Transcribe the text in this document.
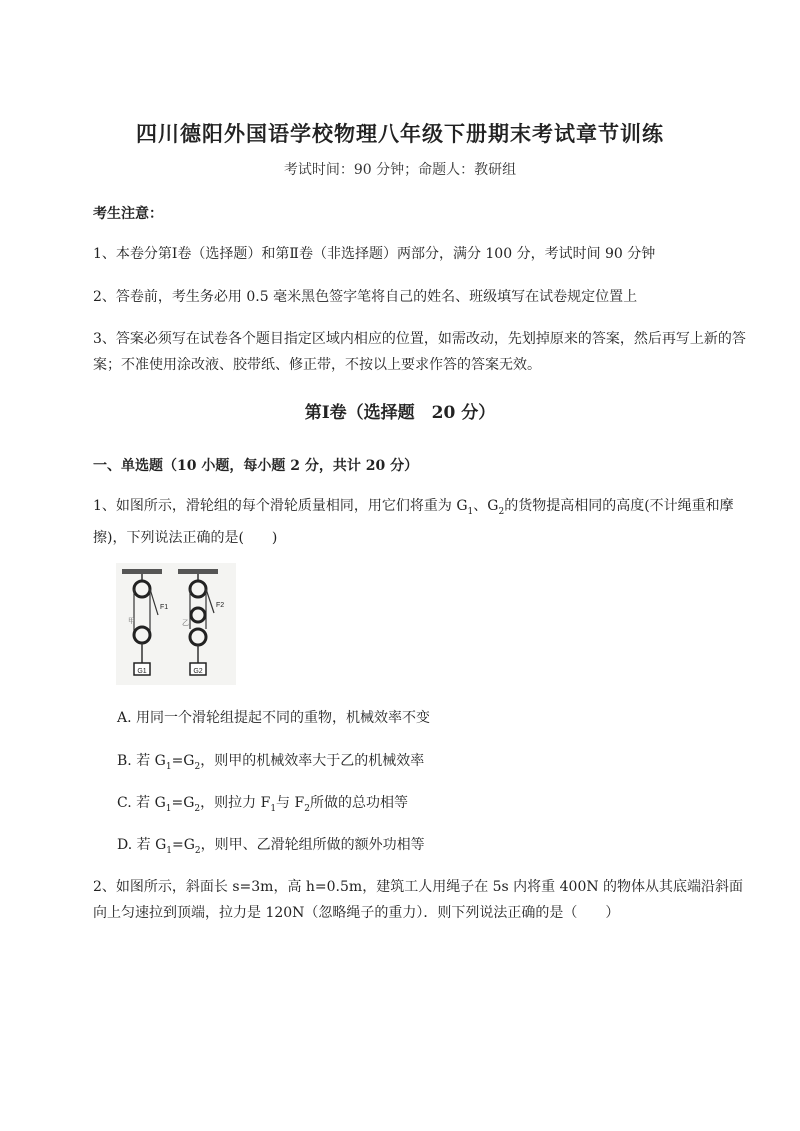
四川德阳外国语学校物理八年级下册期末考试章节训练
考试时间：90 分钟；命题人：教研组
考生注意：
1、本卷分第Ⅰ卷（选择题）和第Ⅱ卷（非选择题）两部分，满分 100 分，考试时间 90 分钟
2、答卷前，考生务必用 0.5 毫米黑色签字笔将自己的姓名、班级填写在试卷规定位置上
3、答案必须写在试卷各个题目指定区域内相应的位置，如需改动，先划掉原来的答案，然后再写上新的答案；不准使用涂改液、胶带纸、修正带，不按以上要求作答的答案无效。
第Ⅰ卷（选择题　20 分）
一、单选题（10 小题，每小题 2 分，共计 20 分）
1、如图所示，滑轮组的每个滑轮质量相同，用它们将重为 $G_1$、$G_2$的货物提高相同的高度(不计绳重和摩擦)，下列说法正确的是(　　)
G1
F1
甲
G2
F2
乙
A. 用同一个滑轮组提起不同的重物，机械效率不变
B. 若 $G_1=G_2$，则甲的机械效率大于乙的机械效率
C. 若 $G_1=G_2$，则拉力 $F_1$与 $F_2$所做的总功相等
D. 若 $G_1=G_2$，则甲、乙滑轮组所做的额外功相等
2、如图所示，斜面长 s=3m，高 h=0.5m，建筑工人用绳子在 5s 内将重 400N 的物体从其底端沿斜面向上匀速拉到顶端，拉力是 120N（忽略绳子的重力）．则下列说法正确的是（　　）
